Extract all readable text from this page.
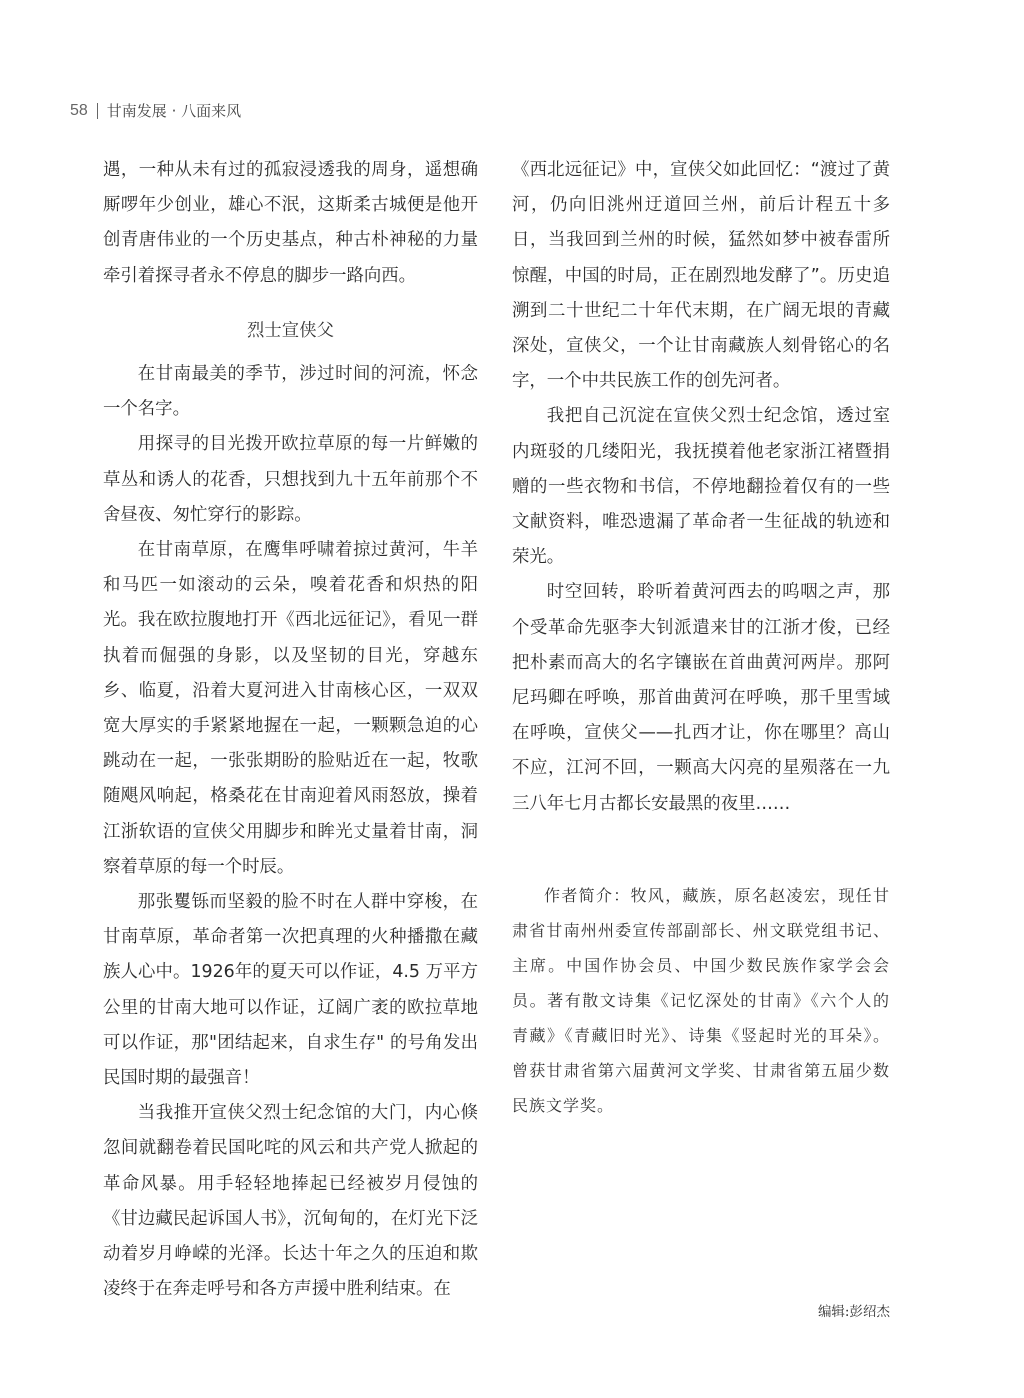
58 甘南发展 · 八面来风

遇，一种从未有过的孤寂浸透我的周身，遥想确厮啰年少创业，雄心不泯，这斯柔古城便是他开创青唐伟业的一个历史基点，种古朴神秘的力量牵引着探寻者永不停息的脚步一路向西。

烈士宣侠父

在甘南最美的季节，涉过时间的河流，怀念一个名字。

用探寻的目光拨开欧拉草原的每一片鲜嫩的草丛和诱人的花香，只想找到九十五年前那个不舍昼夜、匆忙穿行的影踪。

在甘南草原，在鹰隼呼啸着掠过黄河，牛羊和马匹一如滚动的云朵，嗅着花香和炽热的阳光。我在欧拉腹地打开《西北远征记》，看见一群执着而倔强的身影，以及坚韧的目光，穿越东乡、临夏，沿着大夏河进入甘南核心区，一双双宽大厚实的手紧紧地握在一起，一颗颗急迫的心跳动在一起，一张张期盼的脸贴近在一起，牧歌随飓风响起，格桑花在甘南迎着风雨怒放，操着江浙软语的宣侠父用脚步和眸光丈量着甘南，洞察着草原的每一个时辰。

那张矍铄而坚毅的脸不时在人群中穿梭，在甘南草原，革命者第一次把真理的火种播撒在藏族人心中。1926年的夏天可以作证，4.5 万平方公里的甘南大地可以作证，辽阔广袤的欧拉草地可以作证，那"团结起来，自求生存" 的号角发出民国时期的最强音！

当我推开宣侠父烈士纪念馆的大门，内心倏忽间就翻卷着民国叱咤的风云和共产党人掀起的革命风暴。用手轻轻地捧起已经被岁月侵蚀的《甘边藏民起诉国人书》，沉甸甸的，在灯光下泛动着岁月峥嵘的光泽。长达十年之久的压迫和欺凌终于在奔走呼号和各方声援中胜利结束。在

《西北远征记》中，宣侠父如此回忆：“渡过了黄河，仍向旧洮州迂道回兰州，前后计程五十多日，当我回到兰州的时候，猛然如梦中被春雷所惊醒，中国的时局，正在剧烈地发酵了”。历史追溯到二十世纪二十年代末期，在广阔无垠的青藏深处，宣侠父，一个让甘南藏族人刻骨铭心的名字，一个中共民族工作的创先河者。

我把自己沉淀在宣侠父烈士纪念馆，透过室内斑驳的几缕阳光，我抚摸着他老家浙江褚暨捐赠的一些衣物和书信，不停地翻捡着仅有的一些文献资料，唯恐遗漏了革命者一生征战的轨迹和荣光。

时空回转，聆听着黄河西去的呜咽之声，那个受革命先驱李大钊派遣来甘的江浙才俊，已经把朴素而高大的名字镶嵌在首曲黄河两岸。那阿尼玛卿在呼唤，那首曲黄河在呼唤，那千里雪域在呼唤，宣侠父——扎西才让，你在哪里？高山不应，江河不回，一颗高大闪亮的星殒落在一九三八年七月古都长安最黑的夜里……

作者简介：牧风，藏族，原名赵凌宏，现任甘肃省甘南州州委宣传部副部长、州文联党组书记、主席。中国作协会员、中国少数民族作家学会会员。著有散文诗集《记忆深处的甘南》《六个人的青藏》《青藏旧时光》、诗集《竖起时光的耳朵》。曾获甘肃省第六届黄河文学奖、甘肃省第五届少数民族文学奖。

编辑:彭绍杰
